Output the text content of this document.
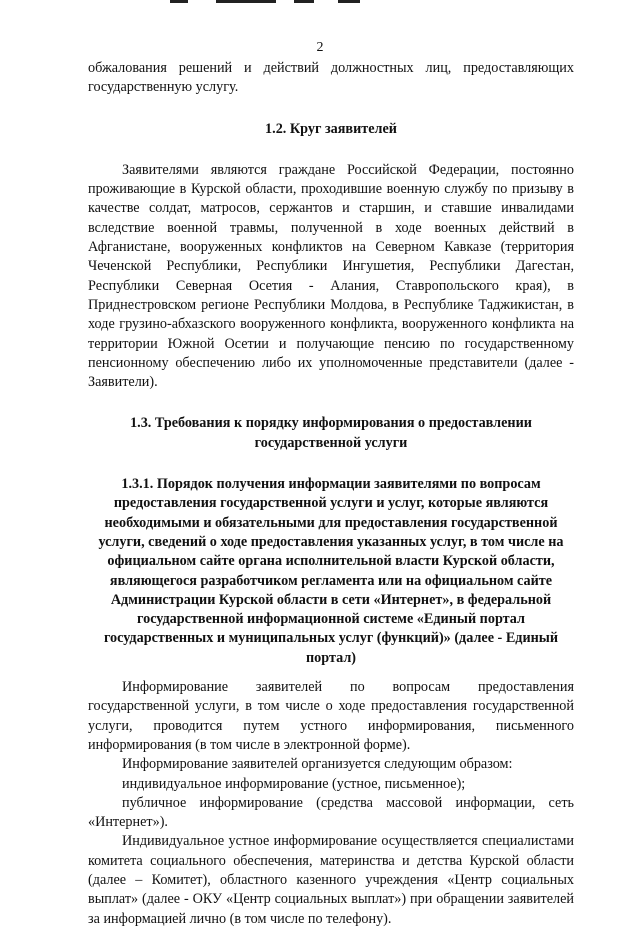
2

обжалования решений и действий должностных лиц, предоставляющих государственную услугу.

1.2. Круг заявителей

Заявителями являются граждане Российской Федерации, постоянно проживающие в Курской области, проходившие военную службу по призыву в качестве солдат, матросов, сержантов и старшин, и ставшие инвалидами вследствие военной травмы, полученной в ходе военных действий в Афганистане, вооруженных конфликтов на Северном Кавказе (территория Чеченской Республики, Республики Ингушетия, Республики Дагестан, Республики Северная Осетия - Алания, Ставропольского края), в Приднестровском регионе Республики Молдова, в Республике Таджикистан, в ходе грузино-абхазского вооруженного конфликта, вооруженного конфликта на территории Южной Осетии и получающие пенсию по государственному пенсионному обеспечению либо их уполномоченные представители (далее - Заявители).

1.3. Требования к порядку информирования о предоставлении
государственной услуги

1.3.1. Порядок получения информации заявителями по вопросам предоставления государственной услуги и услуг, которые являются необходимыми и обязательными для предоставления государственной услуги, сведений о ходе предоставления указанных услуг, в том числе на официальном сайте органа исполнительной власти Курской области, являющегося разработчиком регламента или на официальном сайте Администрации Курской области в сети «Интернет», в федеральной государственной информационной системе «Единый портал государственных и муниципальных услуг (функций)» (далее - Единый портал)

Информирование заявителей по вопросам предоставления государственной услуги, в том числе о ходе предоставления государственной услуги, проводится путем устного информирования, письменного информирования (в том числе в электронной форме).

Информирование заявителей организуется следующим образом:

индивидуальное информирование (устное, письменное);

публичное информирование (средства массовой информации, сеть «Интернет»).

Индивидуальное устное информирование осуществляется специалистами комитета социального обеспечения, материнства и детства Курской области (далее – Комитет), областного казенного учреждения «Центр социальных выплат» (далее - ОКУ «Центр социальных выплат») при обращении заявителей за информацией лично (в том числе по телефону).
